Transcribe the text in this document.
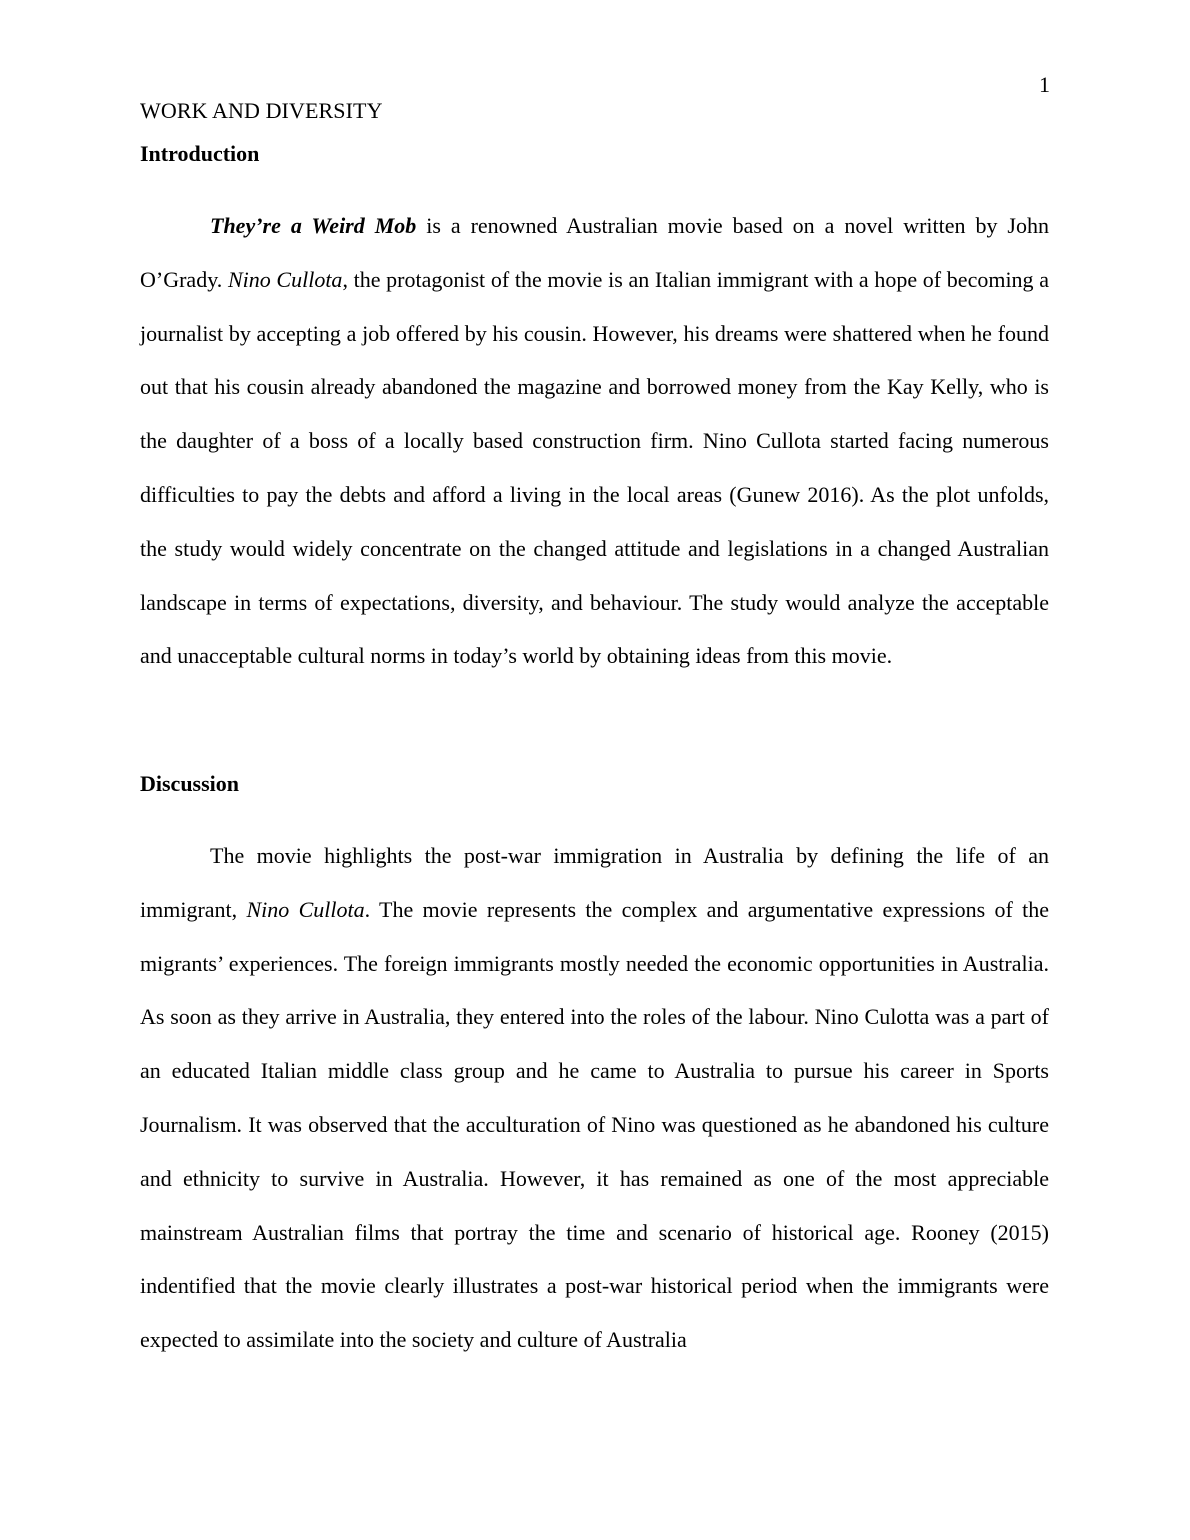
1
WORK AND DIVERSITY
Introduction

They’re a Weird Mob is a renowned Australian movie based on a novel written by John O’Grady. Nino Cullota, the protagonist of the movie is an Italian immigrant with a hope of becoming a journalist by accepting a job offered by his cousin. However, his dreams were shattered when he found out that his cousin already abandoned the magazine and borrowed money from the Kay Kelly, who is the daughter of a boss of a locally based construction firm. Nino Cullota started facing numerous difficulties to pay the debts and afford a living in the local areas (Gunew 2016). As the plot unfolds, the study would widely concentrate on the changed attitude and legislations in a changed Australian landscape in terms of expectations, diversity, and behaviour. The study would analyze the acceptable and unacceptable cultural norms in today’s world by obtaining ideas from this movie.

Discussion

The movie highlights the post-war immigration in Australia by defining the life of an immigrant, Nino Cullota. The movie represents the complex and argumentative expressions of the migrants’ experiences. The foreign immigrants mostly needed the economic opportunities in Australia. As soon as they arrive in Australia, they entered into the roles of the labour. Nino Culotta was a part of an educated Italian middle class group and he came to Australia to pursue his career in Sports Journalism. It was observed that the acculturation of Nino was questioned as he abandoned his culture and ethnicity to survive in Australia. However, it has remained as one of the most appreciable mainstream Australian films that portray the time and scenario of historical age. Rooney (2015) indentified that the movie clearly illustrates a post-war historical period when the immigrants were expected to assimilate into the society and culture of Australia
